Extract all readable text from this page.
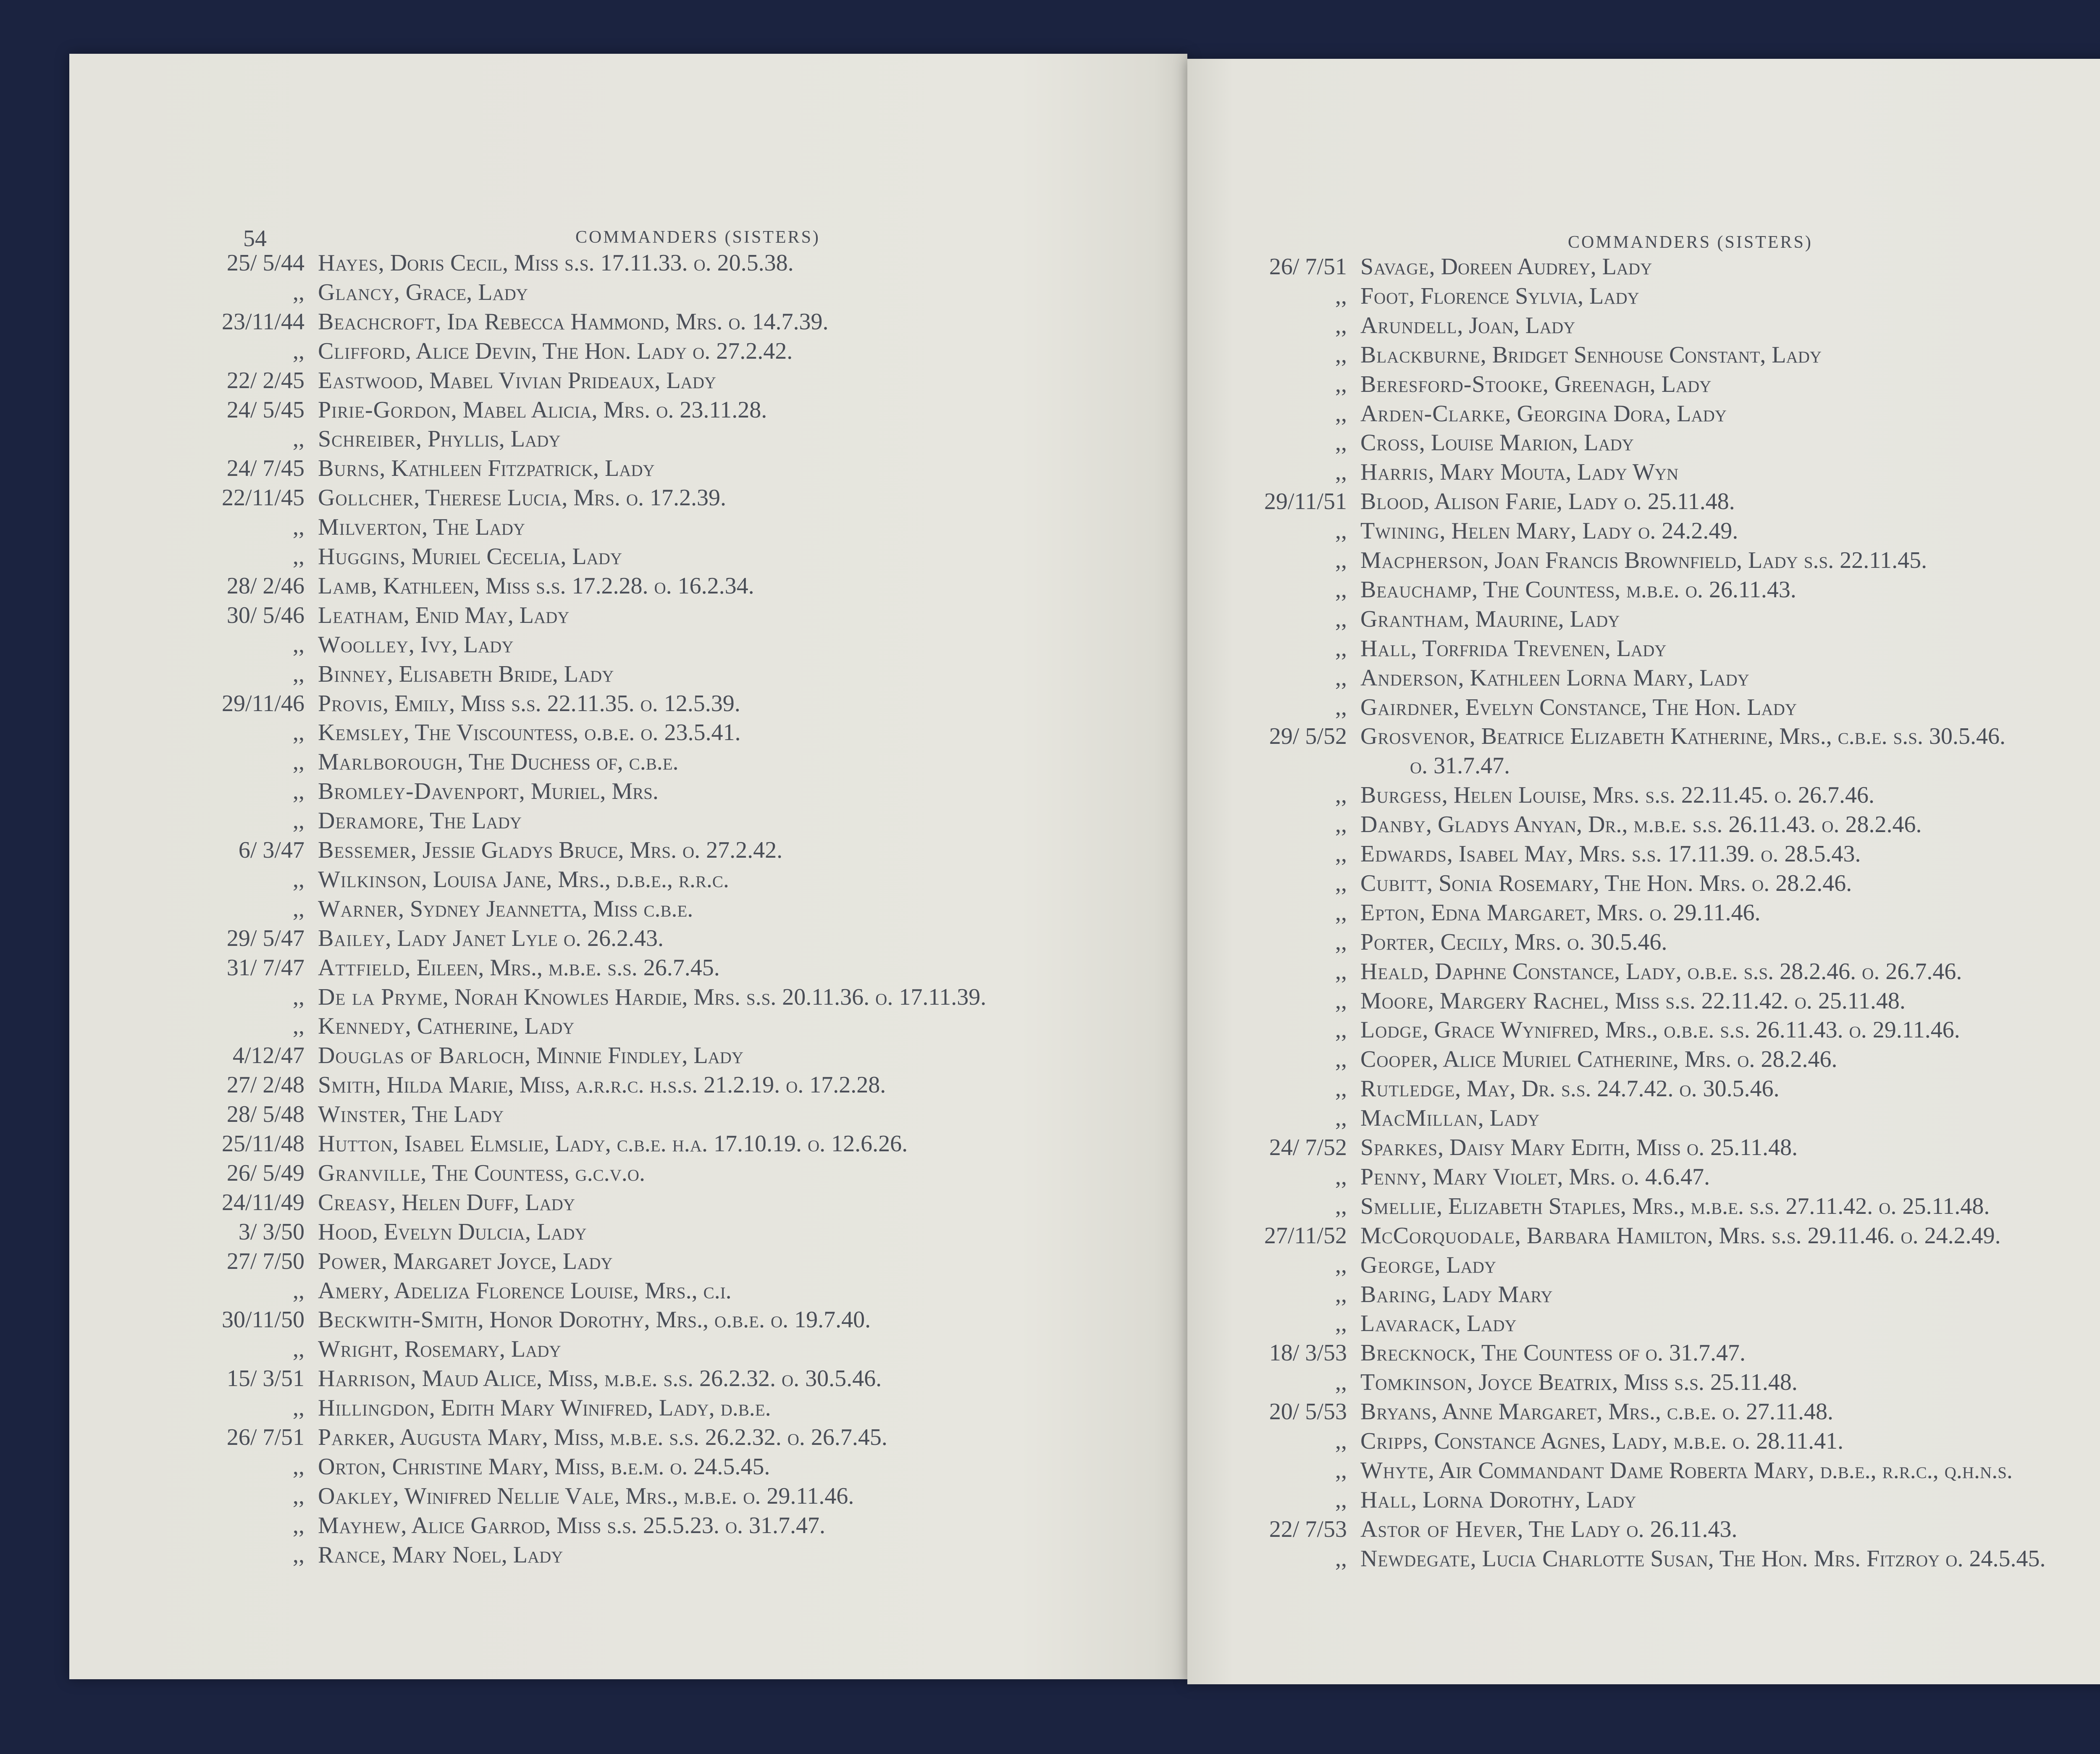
54	COMMANDERS (SISTERS)
25/ 5/44 Hayes, Doris Cecil, Miss s.s. 17.11.33. o. 20.5.38.
,, Glancy, Grace, Lady
23/11/44 Beachcroft, Ida Rebecca Hammond, Mrs. o. 14.7.39.
,, Clifford, Alice Devin, The Hon. Lady o. 27.2.42.
22/ 2/45 Eastwood, Mabel Vivian Prideaux, Lady
24/ 5/45 Pirie-Gordon, Mabel Alicia, Mrs. o. 23.11.28.
,, Schreiber, Phyllis, Lady
24/ 7/45 Burns, Kathleen Fitzpatrick, Lady
22/11/45 Gollcher, Therese Lucia, Mrs. o. 17.2.39.
,, Milverton, The Lady
,, Huggins, Muriel Cecelia, Lady
28/ 2/46 Lamb, Kathleen, Miss s.s. 17.2.28. o. 16.2.34.
30/ 5/46 Leatham, Enid May, Lady
,, Woolley, Ivy, Lady
,, Binney, Elisabeth Bride, Lady
29/11/46 Provis, Emily, Miss s.s. 22.11.35. o. 12.5.39.
,, Kemsley, The Viscountess, o.b.e. o. 23.5.41.
,, Marlborough, The Duchess of, c.b.e.
,, Bromley-Davenport, Muriel, Mrs.
,, Deramore, The Lady
6/ 3/47 Bessemer, Jessie Gladys Bruce, Mrs. o. 27.2.42.
,, Wilkinson, Louisa Jane, Mrs., d.b.e., r.r.c.
,, Warner, Sydney Jeannetta, Miss c.b.e.
29/ 5/47 Bailey, Lady Janet Lyle o. 26.2.43.
31/ 7/47 Attfield, Eileen, Mrs., m.b.e. s.s. 26.7.45.
,, De la Pryme, Norah Knowles Hardie, Mrs. s.s. 20.11.36. o. 17.11.39.
,, Kennedy, Catherine, Lady
4/12/47 Douglas of Barloch, Minnie Findley, Lady
27/ 2/48 Smith, Hilda Marie, Miss, a.r.r.c. h.s.s. 21.2.19. o. 17.2.28.
28/ 5/48 Winster, The Lady
25/11/48 Hutton, Isabel Elmslie, Lady, c.b.e. h.a. 17.10.19. o. 12.6.26.
26/ 5/49 Granville, The Countess, g.c.v.o.
24/11/49 Creasy, Helen Duff, Lady
3/ 3/50 Hood, Evelyn Dulcia, Lady
27/ 7/50 Power, Margaret Joyce, Lady
,, Amery, Adeliza Florence Louise, Mrs., c.i.
30/11/50 Beckwith-Smith, Honor Dorothy, Mrs., o.b.e. o. 19.7.40.
,, Wright, Rosemary, Lady
15/ 3/51 Harrison, Maud Alice, Miss, m.b.e. s.s. 26.2.32. o. 30.5.46.
,, Hillingdon, Edith Mary Winifred, Lady, d.b.e.
26/ 7/51 Parker, Augusta Mary, Miss, m.b.e. s.s. 26.2.32. o. 26.7.45.
,, Orton, Christine Mary, Miss, b.e.m. o. 24.5.45.
,, Oakley, Winifred Nellie Vale, Mrs., m.b.e. o. 29.11.46.
,, Mayhew, Alice Garrod, Miss s.s. 25.5.23. o. 31.7.47.
,, Rance, Mary Noel, Lady
COMMANDERS (SISTERS)
26/ 7/51 Savage, Doreen Audrey, Lady
,, Foot, Florence Sylvia, Lady
,, Arundell, Joan, Lady
,, Blackburne, Bridget Senhouse Constant, Lady
,, Beresford-Stooke, Greenagh, Lady
,, Arden-Clarke, Georgina Dora, Lady
,, Cross, Louise Marion, Lady
,, Harris, Mary Mouta, Lady Wyn
29/11/51 Blood, Alison Farie, Lady o. 25.11.48.
,, Twining, Helen Mary, Lady o. 24.2.49.
,, Macpherson, Joan Francis Brownfield, Lady s.s. 22.11.45.
,, Beauchamp, The Countess, m.b.e. o. 26.11.43.
,, Grantham, Maurine, Lady
,, Hall, Torfrida Trevenen, Lady
,, Anderson, Kathleen Lorna Mary, Lady
,, Gairdner, Evelyn Constance, The Hon. Lady
29/ 5/52 Grosvenor, Beatrice Elizabeth Katherine, Mrs., c.b.e. s.s. 30.5.46.
o. 31.7.47.
,, Burgess, Helen Louise, Mrs. s.s. 22.11.45. o. 26.7.46.
,, Danby, Gladys Anyan, Dr., m.b.e. s.s. 26.11.43. o. 28.2.46.
,, Edwards, Isabel May, Mrs. s.s. 17.11.39. o. 28.5.43.
,, Cubitt, Sonia Rosemary, The Hon. Mrs. o. 28.2.46.
,, Epton, Edna Margaret, Mrs. o. 29.11.46.
,, Porter, Cecily, Mrs. o. 30.5.46.
,, Heald, Daphne Constance, Lady, o.b.e. s.s. 28.2.46. o. 26.7.46.
,, Moore, Margery Rachel, Miss s.s. 22.11.42. o. 25.11.48.
,, Lodge, Grace Wynifred, Mrs., o.b.e. s.s. 26.11.43. o. 29.11.46.
,, Cooper, Alice Muriel Catherine, Mrs. o. 28.2.46.
,, Rutledge, May, Dr. s.s. 24.7.42. o. 30.5.46.
,, MacMillan, Lady
24/ 7/52 Sparkes, Daisy Mary Edith, Miss o. 25.11.48.
,, Penny, Mary Violet, Mrs. o. 4.6.47.
,, Smellie, Elizabeth Staples, Mrs., m.b.e. s.s. 27.11.42. o. 25.11.48.
27/11/52 McCorquodale, Barbara Hamilton, Mrs. s.s. 29.11.46. o. 24.2.49.
,, George, Lady
,, Baring, Lady Mary
,, Lavarack, Lady
18/ 3/53 Brecknock, The Countess of o. 31.7.47.
,, Tomkinson, Joyce Beatrix, Miss s.s. 25.11.48.
20/ 5/53 Bryans, Anne Margaret, Mrs., c.b.e. o. 27.11.48.
,, Cripps, Constance Agnes, Lady, m.b.e. o. 28.11.41.
,, Whyte, Air Commandant Dame Roberta Mary, d.b.e., r.r.c., q.h.n.s.
,, Hall, Lorna Dorothy, Lady
22/ 7/53 Astor of Hever, The Lady o. 26.11.43.
,, Newdegate, Lucia Charlotte Susan, The Hon. Mrs. Fitzroy o. 24.5.45.
